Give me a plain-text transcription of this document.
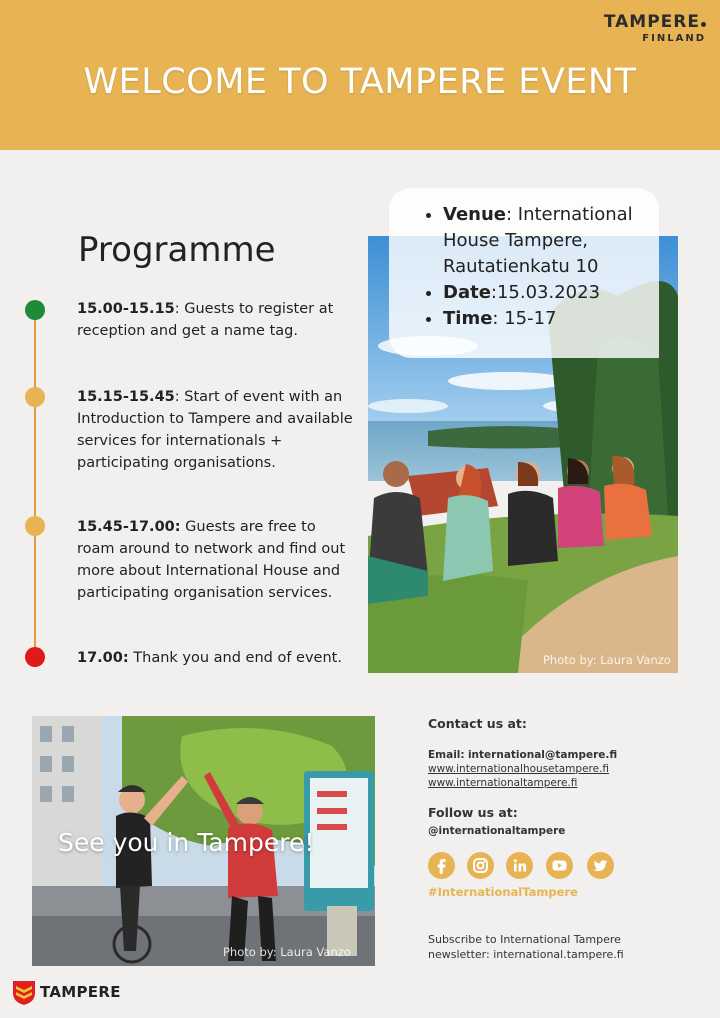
TAMPERE
FINLAND
WELCOME TO TAMPERE EVENT
Programme
15.00-15.15: Guests to register at reception and get a name tag.
15.15-15.45: Start of event with an Introduction to Tampere and available services for internationals + participating organisations.
15.45-17.00: Guests are free to roam around to network and find out more about International House and participating organisation services.
17.00: Thank you and end of event.	Photo by: Laura Vanzo
• Venue: International House Tampere, Rautatienkatu 10
• Date:15.03.2023
• Time: 15-17
Photo by: Laura Vanzo
See you in Tampere!
Contact us at:
Email: international@tampere.fi
www.internationalhousetampere.fi
www.internationaltampere.fi
Follow us at:
@internationaltampere
#InternationalTampere
Subscribe to International Tampere
newsletter: international.tampere.fi
TAMPERE
